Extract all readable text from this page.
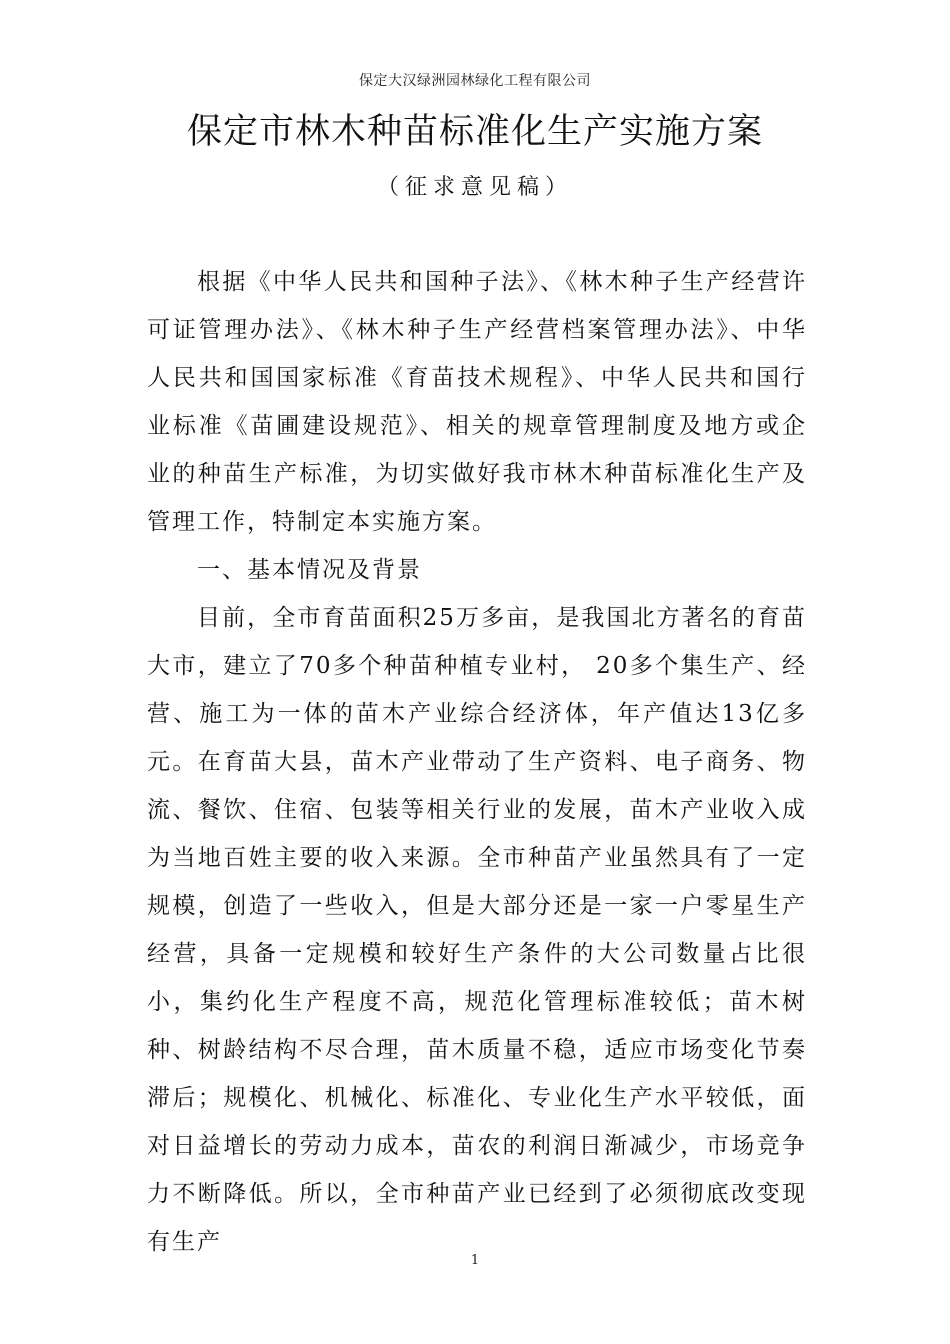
保定大汉绿洲园林绿化工程有限公司
保定市林木种苗标准化生产实施方案
（征求意见稿）

根据《中华人民共和国种子法》、《林木种子生产经营许可证管理办法》、《林木种子生产经营档案管理办法》、中华人民共和国国家标准《育苗技术规程》、中华人民共和国行业标准《苗圃建设规范》、相关的规章管理制度及地方或企业的种苗生产标准，为切实做好我市林木种苗标准化生产及管理工作，特制定本实施方案。

一、基本情况及背景

目前，全市育苗面积25万多亩，是我国北方著名的育苗大市，建立了70多个种苗种植专业村， 20多个集生产、经营、施工为一体的苗木产业综合经济体，年产值达13亿多元。在育苗大县，苗木产业带动了生产资料、电子商务、物流、餐饮、住宿、包装等相关行业的发展，苗木产业收入成为当地百姓主要的收入来源。全市种苗产业虽然具有了一定规模，创造了一些收入，但是大部分还是一家一户零星生产经营，具备一定规模和较好生产条件的大公司数量占比很小，集约化生产程度不高，规范化管理标准较低；苗木树种、树龄结构不尽合理，苗木质量不稳，适应市场变化节奏滞后；规模化、机械化、标准化、专业化生产水平较低，面对日益增长的劳动力成本，苗农的利润日渐减少，市场竞争力不断降低。所以，全市种苗产业已经到了必须彻底改变现有生产

1
